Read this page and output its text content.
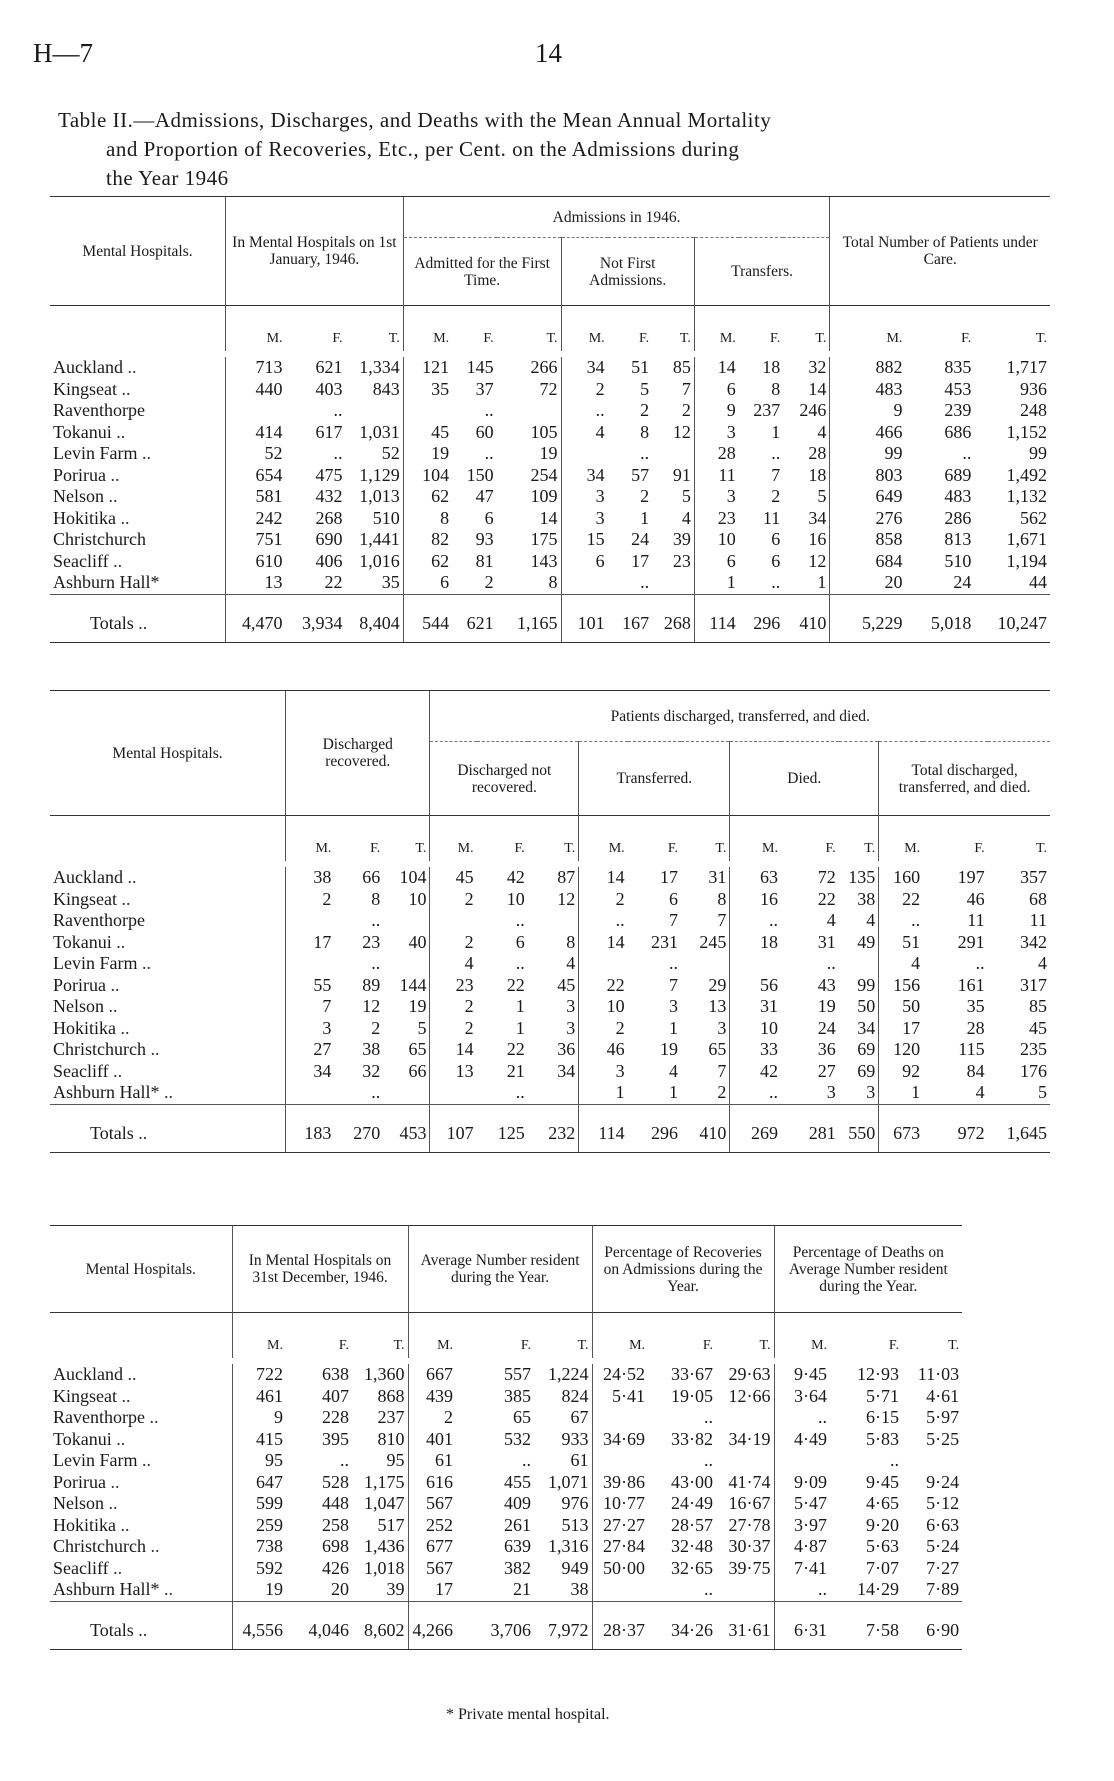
H—7	14
Table II.—Admissions, Discharges, and Deaths with the Mean Annual Mortality
and Proportion of Recoveries, Etc., per Cent. on the Admissions during
the Year 1946
Mental Hospitals.	In Mental Hospitals on 1st January, 1946.			Admissions in 1946.									Total Number of Patients under Care.		
				Admitted for the First Time.			Not First Admissions.			Transfers.					
	M.	F.	T.	M.	F.	T.	M.	F.	T.	M.	F.	T.	M.	F.	T.

Auckland ..	713	621	1,334	121	145	266	34	51	85	14	18	32	882	835	1,717
Kingseat ..	440	403	843	35	37	72	2	5	7	6	8	14	483	453	936
Raventhorpe		..			..		..	2	2	9	237	246	9	239	248
Tokanui ..	414	617	1,031	45	60	105	4	8	12	3	1	4	466	686	1,152
Levin Farm ..	52	..	52	19	..	19		..		28	..	28	99	..	99
Porirua ..	654	475	1,129	104	150	254	34	57	91	11	7	18	803	689	1,492
Nelson ..	581	432	1,013	62	47	109	3	2	5	3	2	5	649	483	1,132
Hokitika ..	242	268	510	8	6	14	3	1	4	23	11	34	276	286	562
Christchurch	751	690	1,441	82	93	175	15	24	39	10	6	16	858	813	1,671
Seacliff ..	610	406	1,016	62	81	143	6	17	23	6	6	12	684	510	1,194
Ashburn Hall*	13	22	35	6	2	8		..		1	..	1	20	24	44
Totals ..	4,470	3,934	8,404	544	621	1,165	101	167	268	114	296	410	5,229	5,018	10,247
Mental Hospitals.	Discharged recovered.			Patients discharged, transferred, and died.											
				Discharged not recovered.			Transferred.			Died.			Total discharged, transferred, and died.		
	M.	F.	T.	M.	F.	T.	M.	F.	T.	M.	F.	T.	M.	F.	T.

Auckland ..	38	66	104	45	42	87	14	17	31	63	72	135	160	197	357
Kingseat ..	2	8	10	2	10	12	2	6	8	16	22	38	22	46	68
Raventhorpe		..			..		..	7	7	..	4	4	..	11	11
Tokanui ..	17	23	40	2	6	8	14	231	245	18	31	49	51	291	342
Levin Farm ..		..		4	..	4		..			..		4	..	4
Porirua ..	55	89	144	23	22	45	22	7	29	56	43	99	156	161	317
Nelson ..	7	12	19	2	1	3	10	3	13	31	19	50	50	35	85
Hokitika ..	3	2	5	2	1	3	2	1	3	10	24	34	17	28	45
Christchurch ..	27	38	65	14	22	36	46	19	65	33	36	69	120	115	235
Seacliff ..	34	32	66	13	21	34	3	4	7	42	27	69	92	84	176
Ashburn Hall* ..		..			..		1	1	2	..	3	3	1	4	5
Totals ..	183	270	453	107	125	232	114	296	410	269	281	550	673	972	1,645
Mental Hospitals.	In Mental Hospitals on 31st December, 1946.			Average Number resident during the Year.			Percentage of Recoveries on Admissions during the Year.			Percentage of Deaths on Average Number resident during the Year.		
	M.	F.	T.	M.	F.	T.	M.	F.	T.	M.	F.	T.

Auckland ..	722	638	1,360	667	557	1,224	24·52	33·67	29·63	9·45	12·93	11·03
Kingseat ..	461	407	868	439	385	824	5·41	19·05	12·66	3·64	5·71	4·61
Raventhorpe ..	9	228	237	2	65	67		..		..	6·15	5·97
Tokanui ..	415	395	810	401	532	933	34·69	33·82	34·19	4·49	5·83	5·25
Levin Farm ..	95	..	95	61	..	61		..			..	
Porirua ..	647	528	1,175	616	455	1,071	39·86	43·00	41·74	9·09	9·45	9·24
Nelson ..	599	448	1,047	567	409	976	10·77	24·49	16·67	5·47	4·65	5·12
Hokitika ..	259	258	517	252	261	513	27·27	28·57	27·78	3·97	9·20	6·63
Christchurch ..	738	698	1,436	677	639	1,316	27·84	32·48	30·37	4·87	5·63	5·24
Seacliff ..	592	426	1,018	567	382	949	50·00	32·65	39·75	7·41	7·07	7·27
Ashburn Hall* ..	19	20	39	17	21	38		..		..	14·29	7·89
Totals ..	4,556	4,046	8,602	4,266	3,706	7,972	28·37	34·26	31·61	6·31	7·58	6·90
* Private mental hospital.
